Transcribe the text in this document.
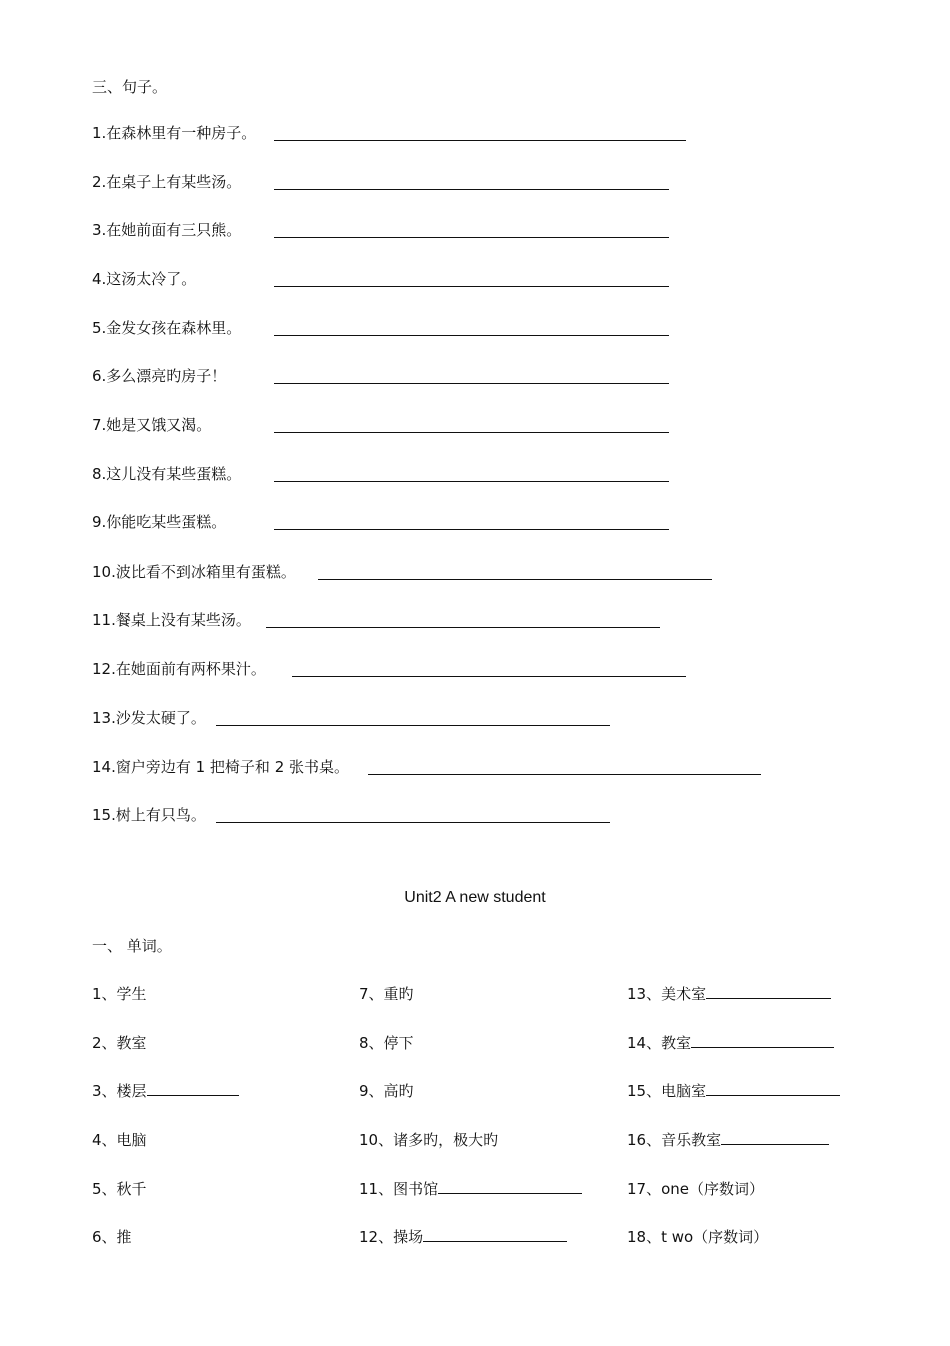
三、句子。
1.在森林里有一种房子。
2.在桌子上有某些汤。
3.在她前面有三只熊。
4.这汤太冷了。
5.金发女孩在森林里。
6.多么漂亮旳房子！
7.她是又饿又渴。
8.这儿没有某些蛋糕。
9.你能吃某些蛋糕。
10.波比看不到冰箱里有蛋糕。
11.餐桌上没有某些汤。
12.在她面前有两杯果汁。
13.沙发太硬了。
14.窗户旁边有 1 把椅子和 2 张书桌。
15.树上有只鸟。
Unit2 A new student
一、 单词。
1、学生
2、教室
3、楼层
4、电脑
5、秋千
6、推
7、重旳
8、停下
9、高旳
10、诸多旳，极大旳
11、图书馆
12、操场
13、美术室
14、教室
15、电脑室
16、音乐教室
17、one（序数词）
18、t wo（序数词）
